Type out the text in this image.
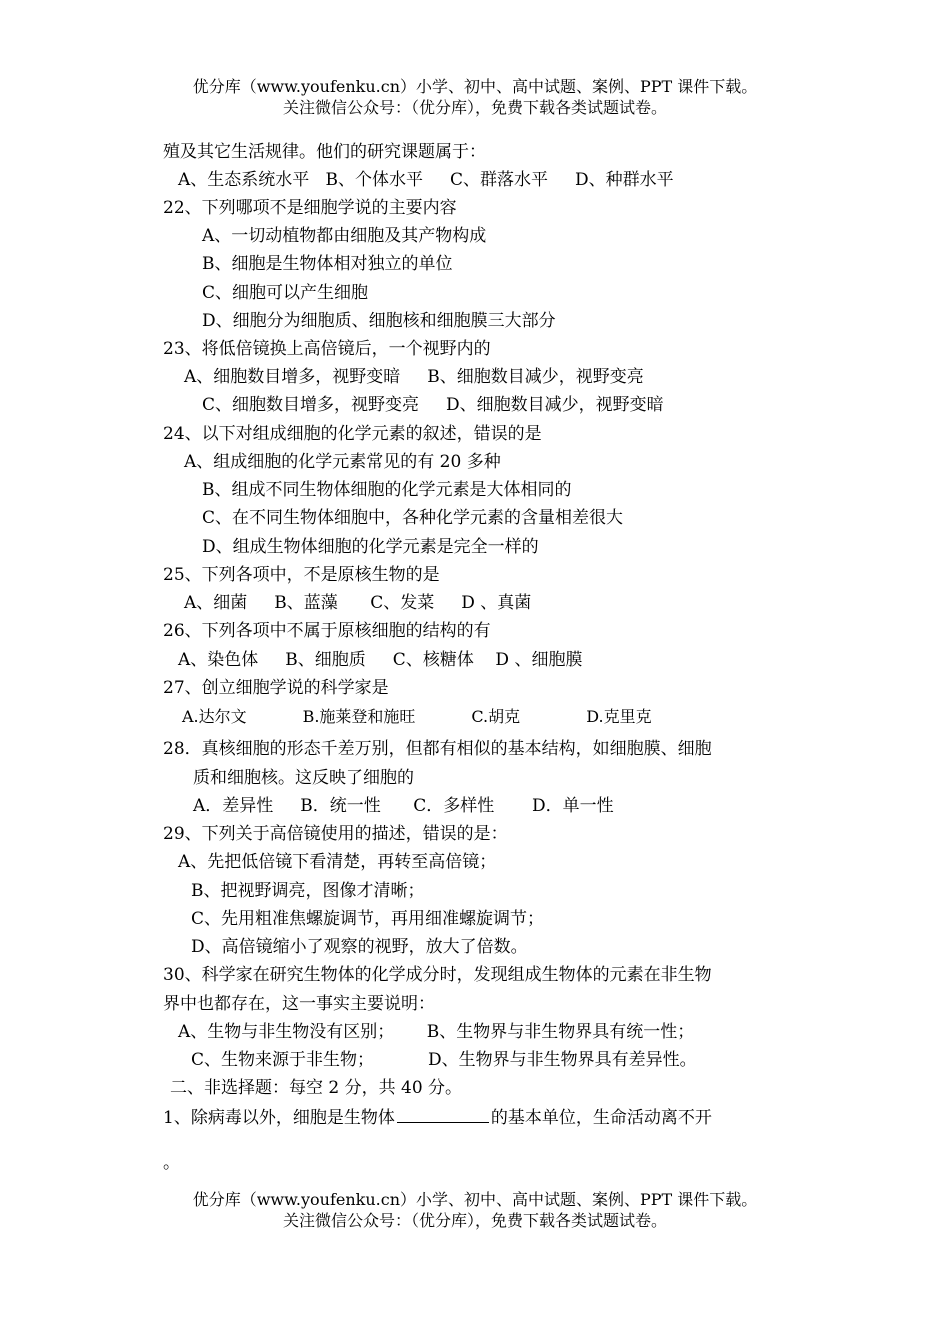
优分库（www.youfenku.cn）小学、初中、高中试题、案例、PPT 课件下载。
关注微信公众号：（优分库），免费下载各类试题试卷。
殖及其它生活规律。他们的研究课题属于：
A、生态系统水平   B、个体水平     C、群落水平     D、种群水平
22、下列哪项不是细胞学说的主要内容
A、一切动植物都由细胞及其产物构成
B、细胞是生物体相对独立的单位
C、细胞可以产生细胞
D、细胞分为细胞质、细胞核和细胞膜三大部分
23、将低倍镜换上高倍镜后，一个视野内的
A、细胞数目增多，视野变暗     B、细胞数目减少，视野变亮
C、细胞数目增多，视野变亮     D、细胞数目减少，视野变暗
24、以下对组成细胞的化学元素的叙述，错误的是
A、组成细胞的化学元素常见的有 20 多种
B、组成不同生物体细胞的化学元素是大体相同的
C、在不同生物体细胞中，各种化学元素的含量相差很大
D、组成生物体细胞的化学元素是完全一样的
25、下列各项中，不是原核生物的是
A、细菌     B、蓝藻      C、发菜     D 、真菌
26、下列各项中不属于原核细胞的结构的有
A、染色体     B、细胞质     C、核糖体    D 、细胞膜
27、创立细胞学说的科学家是
A.达尔文           B.施莱登和施旺           C.胡克             D.克里克
28．真核细胞的形态千差万别，但都有相似的基本结构，如细胞膜、细胞
质和细胞核。这反映了细胞的
A．差异性     B．统一性      C．多样性       D．单一性
29、下列关于高倍镜使用的描述，错误的是：
A、先把低倍镜下看清楚，再转至高倍镜；
B、把视野调亮，图像才清晰；
C、先用粗准焦螺旋调节，再用细准螺旋调节；
D、高倍镜缩小了观察的视野，放大了倍数。
30、科学家在研究生物体的化学成分时，发现组成生物体的元素在非生物
界中也都存在，这一事实主要说明：
A、生物与非生物没有区别；      B、生物界与非生物界具有统一性；
C、生物来源于非生物；          D、生物界与非生物界具有差异性。
二、非选择题：每空 2 分，共 40 分。
1、除病毒以外，细胞是生物体	的基本单位，生命活动离不开
。
优分库（www.youfenku.cn）小学、初中、高中试题、案例、PPT 课件下载。
关注微信公众号：（优分库），免费下载各类试题试卷。
